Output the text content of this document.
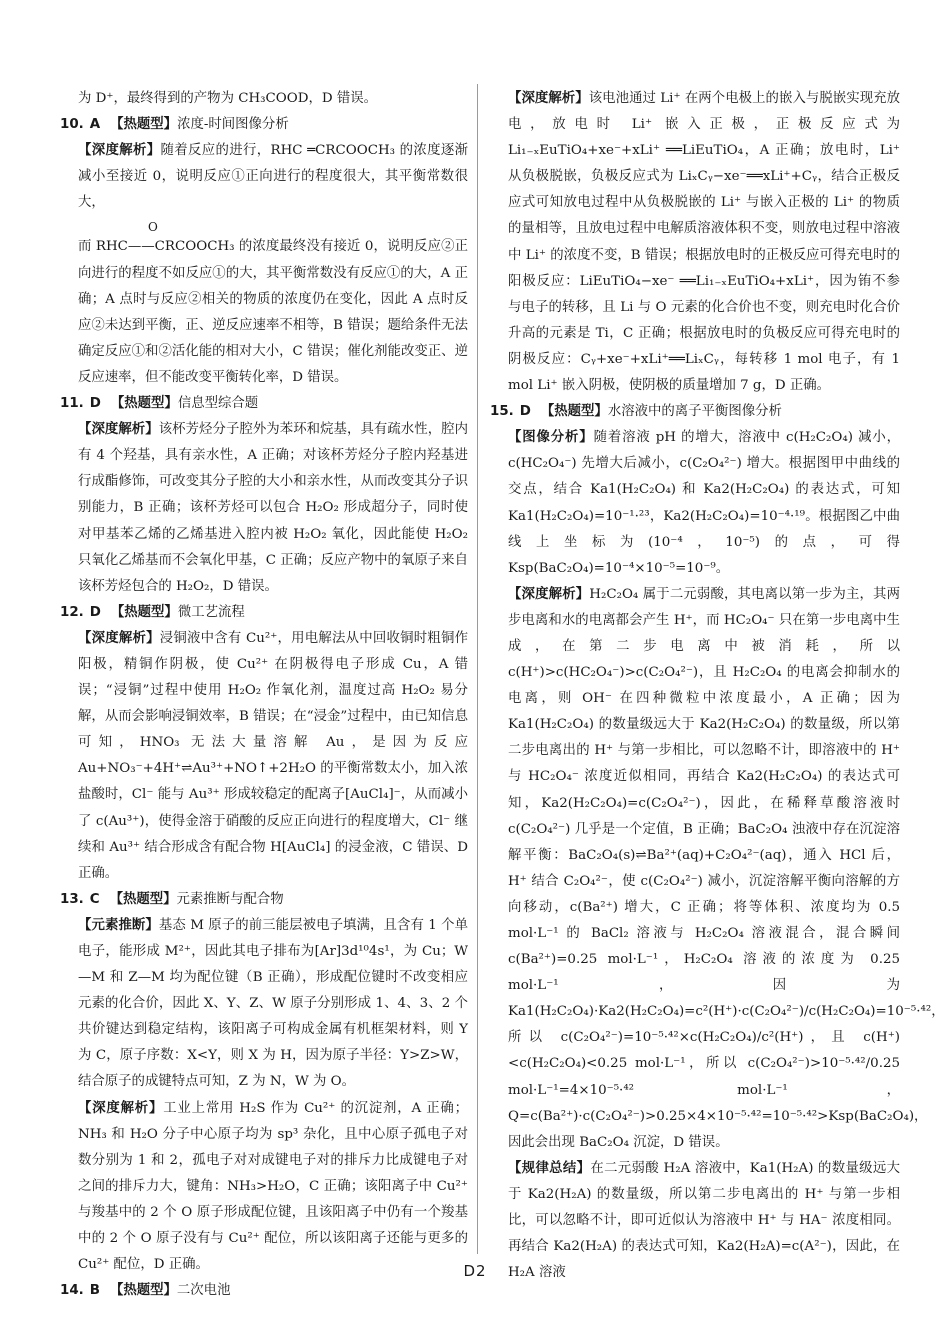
为 D⁺，最终得到的产物为 CH₃COOD，D 错误。

10. A 【热题型】浓度-时间图像分析

【深度解析】随着反应的进行，RHC ═CRCOOCH₃ 的浓度逐渐减小至接近 0，说明反应①正向进行的程度很大，其平衡常数很大，

O

而 RHC——CRCOOCH₃ 的浓度最终没有接近 0，说明反应②正向进行的程度不如反应①的大，其平衡常数没有反应①的大，A 正确；A 点时与反应②相关的物质的浓度仍在变化，因此 A 点时反应②未达到平衡，正、逆反应速率不相等，B 错误；题给条件无法确定反应①和②活化能的相对大小，C 错误；催化剂能改变正、逆反应速率，但不能改变平衡转化率，D 错误。

11. D 【热题型】信息型综合题

【深度解析】该杯芳烃分子腔外为苯环和烷基，具有疏水性，腔内有 4 个羟基，具有亲水性，A 正确；对该杯芳烃分子腔内羟基进行成酯修饰，可改变其分子腔的大小和亲水性，从而改变其分子识别能力，B 正确；该杯芳烃可以包合 H₂O₂ 形成超分子，同时使对甲基苯乙烯的乙烯基进入腔内被 H₂O₂ 氧化，因此能使 H₂O₂ 只氧化乙烯基而不会氧化甲基，C 正确；反应产物中的氧原子来自该杯芳烃包合的 H₂O₂，D 错误。

12. D 【热题型】微工艺流程

【深度解析】浸铜液中含有 Cu²⁺，用电解法从中回收铜时粗铜作阳极，精铜作阴极，使 Cu²⁺ 在阴极得电子形成 Cu，A 错误；“浸铜”过程中使用 H₂O₂ 作氧化剂，温度过高 H₂O₂ 易分解，从而会影响浸铜效率，B 错误；在“浸金”过程中，由已知信息可知，HNO₃ 无法大量溶解 Au，是因为反应 Au+NO₃⁻+4H⁺⇌Au³⁺+NO↑+2H₂O 的平衡常数太小，加入浓盐酸时，Cl⁻ 能与 Au³⁺ 形成较稳定的配离子[AuCl₄]⁻，从而减小了 c(Au³⁺)，使得金溶于硝酸的反应正向进行的程度增大，Cl⁻ 继续和 Au³⁺ 结合形成含有配合物 H[AuCl₄] 的浸金液，C 错误、D 正确。

13. C 【热题型】元素推断与配合物

【元素推断】基态 M 原子的前三能层被电子填满，且含有 1 个单电子，能形成 M²⁺，因此其电子排布为[Ar]3d¹⁰4s¹，为 Cu；W—M 和 Z—M 均为配位键（B 正确），形成配位键时不改变相应元素的化合价，因此 X、Y、Z、W 原子分别形成 1、4、3、2 个共价键达到稳定结构，该阳离子可构成金属有机框架材料，则 Y 为 C，原子序数：X<Y，则 X 为 H，因为原子半径：Y>Z>W，结合原子的成键特点可知，Z 为 N，W 为 O。

【深度解析】工业上常用 H₂S 作为 Cu²⁺ 的沉淀剂，A 正确；NH₃ 和 H₂O 分子中心原子均为 sp³ 杂化，且中心原子孤电子对数分别为 1 和 2，孤电子对对成键电子对的排斥力比成键电子对之间的排斥力大，键角：NH₃>H₂O，C 正确；该阳离子中 Cu²⁺ 与羧基中的 2 个 O 原子形成配位键，且该阳离子中仍有一个羧基中的 2 个 O 原子没有与 Cu²⁺ 配位，所以该阳离子还能与更多的 Cu²⁺ 配位，D 正确。

14. B 【热题型】二次电池

【深度解析】该电池通过 Li⁺ 在两个电极上的嵌入与脱嵌实现充放电，放电时 Li⁺ 嵌入正极，正极反应式为 Li₁₋ₓEuTiO₄+xe⁻+xLi⁺ ══LiEuTiO₄，A 正确；放电时，Li⁺ 从负极脱嵌，负极反应式为 LiₓCᵧ−xe⁻══xLi⁺+Cᵧ，结合正极反应式可知放电过程中从负极脱嵌的 Li⁺ 与嵌入正极的 Li⁺ 的物质的量相等，且放电过程中电解质溶液体积不变，则放电过程中溶液中 Li⁺ 的浓度不变，B 错误；根据放电时的正极反应可得充电时的阳极反应：LiEuTiO₄−xe⁻ ══Li₁₋ₓEuTiO₄+xLi⁺，因为铕不参与电子的转移，且 Li 与 O 元素的化合价也不变，则充电时化合价升高的元素是 Ti，C 正确；根据放电时的负极反应可得充电时的阴极反应：Cᵧ+xe⁻+xLi⁺══LiₓCᵧ，每转移 1 mol 电子，有 1 mol Li⁺ 嵌入阴极，使阴极的质量增加 7 g，D 正确。

15. D 【热题型】水溶液中的离子平衡图像分析

【图像分析】随着溶液 pH 的增大，溶液中 c(H₂C₂O₄) 减小，c(HC₂O₄⁻) 先增大后减小，c(C₂O₄²⁻) 增大。根据图甲中曲线的交点，结合 Ka1(H₂C₂O₄) 和 Ka2(H₂C₂O₄) 的表达式，可知 Ka1(H₂C₂O₄)=10⁻¹·²³，Ka2(H₂C₂O₄)=10⁻⁴·¹⁹。根据图乙中曲线上坐标为(10⁻⁴，10⁻⁵)的点，可得 Ksp(BaC₂O₄)=10⁻⁴×10⁻⁵=10⁻⁹。

【深度解析】H₂C₂O₄ 属于二元弱酸，其电离以第一步为主，其两步电离和水的电离都会产生 H⁺，而 HC₂O₄⁻ 只在第一步电离中生成，在第二步电离中被消耗，所以 c(H⁺)>c(HC₂O₄⁻)>c(C₂O₄²⁻)，且 H₂C₂O₄ 的电离会抑制水的电离，则 OH⁻ 在四种微粒中浓度最小，A 正确；因为 Ka1(H₂C₂O₄) 的数量级远大于 Ka2(H₂C₂O₄) 的数量级，所以第二步电离出的 H⁺ 与第一步相比，可以忽略不计，即溶液中的 H⁺ 与 HC₂O₄⁻ 浓度近似相同，再结合 Ka2(H₂C₂O₄) 的表达式可知，Ka2(H₂C₂O₄)=c(C₂O₄²⁻)，因此，在稀释草酸溶液时 c(C₂O₄²⁻) 几乎是一个定值，B 正确；BaC₂O₄ 浊液中存在沉淀溶解平衡：BaC₂O₄(s)⇌Ba²⁺(aq)+C₂O₄²⁻(aq)，通入 HCl 后，H⁺ 结合 C₂O₄²⁻，使 c(C₂O₄²⁻) 减小，沉淀溶解平衡向溶解的方向移动，c(Ba²⁺) 增大，C 正确；将等体积、浓度均为 0.5 mol·L⁻¹ 的 BaCl₂ 溶液与 H₂C₂O₄ 溶液混合，混合瞬间 c(Ba²⁺)=0.25 mol·L⁻¹，H₂C₂O₄ 溶液的浓度为 0.25 mol·L⁻¹，因为 Ka1(H₂C₂O₄)·Ka2(H₂C₂O₄)=c²(H⁺)·c(C₂O₄²⁻)/c(H₂C₂O₄)=10⁻⁵·⁴²，所以 c(C₂O₄²⁻)=10⁻⁵·⁴²×c(H₂C₂O₄)/c²(H⁺)，且 c(H⁺)<c(H₂C₂O₄)<0.25 mol·L⁻¹，所以 c(C₂O₄²⁻)>10⁻⁵·⁴²/0.25 mol·L⁻¹=4×10⁻⁵·⁴² mol·L⁻¹，Q=c(Ba²⁺)·c(C₂O₄²⁻)>0.25×4×10⁻⁵·⁴²=10⁻⁵·⁴²>Ksp(BaC₂O₄)，因此会出现 BaC₂O₄ 沉淀，D 错误。

【规律总结】在二元弱酸 H₂A 溶液中，Ka1(H₂A) 的数量级远大于 Ka2(H₂A) 的数量级，所以第二步电离出的 H⁺ 与第一步相比，可以忽略不计，即可近似认为溶液中 H⁺ 与 HA⁻ 浓度相同。再结合 Ka2(H₂A) 的表达式可知，Ka2(H₂A)=c(A²⁻)，因此，在 H₂A 溶液

D2
